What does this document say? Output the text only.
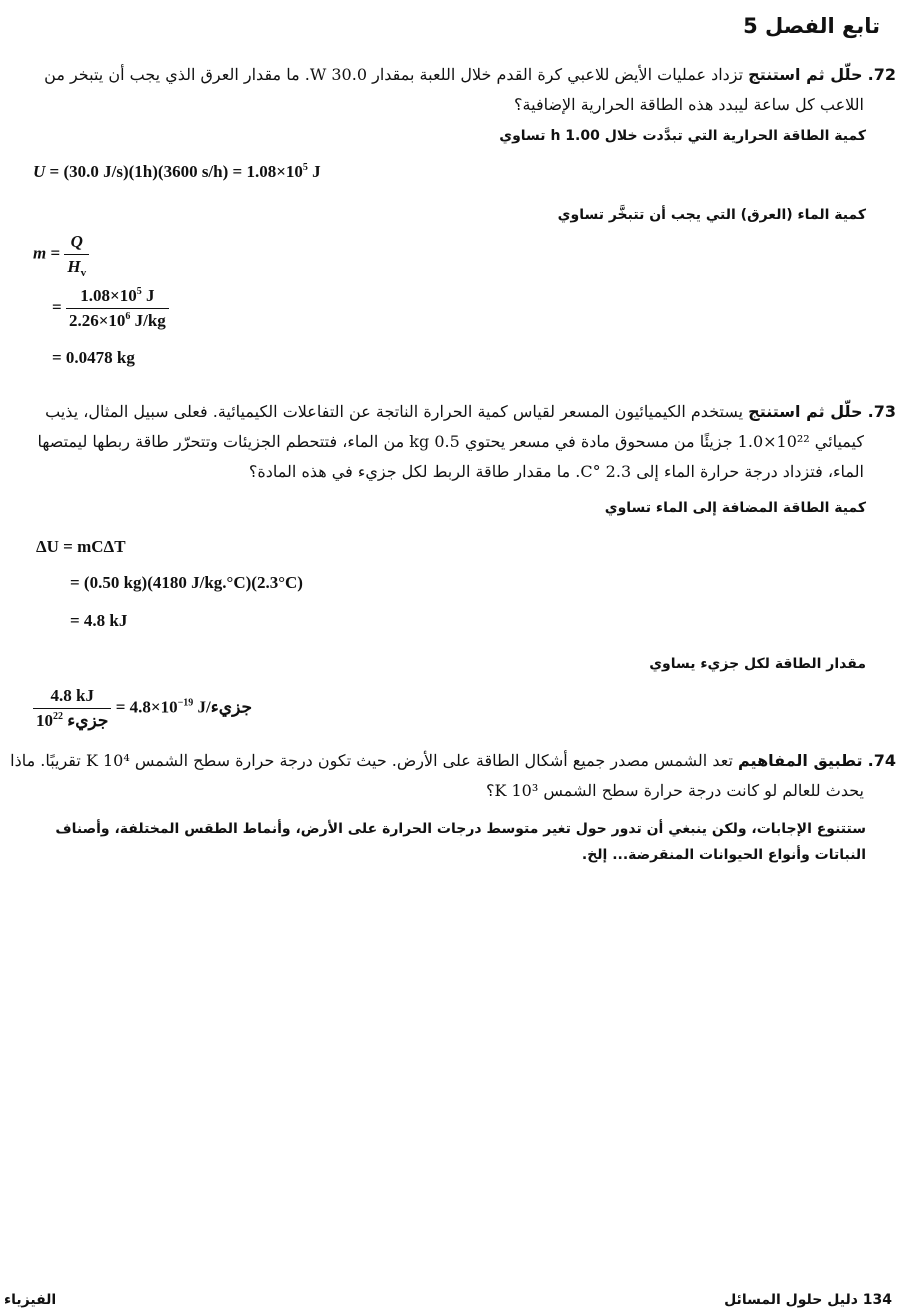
تابع الفصل 5
72. حلّل ثم استنتج تزداد عمليات الأيض للاعبي كرة القدم خلال اللعبة بمقدار 30.0 W. ما مقدار العرق الذي يجب أن يتبخر من
اللاعب كل ساعة ليبدد هذه الطاقة الحرارية الإضافية؟
كمية الطاقة الحرارية التي تبدَّدت خلال 1.00 h تساوي
U = (30.0 J/s)(1h)(3600 $s/h) = 1.08\times 10^5$ J
كمية الماء (العرق) التي يجب أن تتبخَّر تساوي
$m = \frac{Q}{H_v}$
= $\frac{1.08\times 10^5 J}{2.26\times 10^6 J/kg}$
= 0.0478 kg
73. حلّل ثم استنتج يستخدم الكيميائيون المسعر لقياس كمية الحرارة الناتجة عن التفاعلات الكيميائية. فعلى سبيل المثال، يذيب
كيميائي 10²²×1.0 جزيئًا من مسحوق مادة في مسعر يحتوي 0.5 kg من الماء، فتتحطم الجزيئات وتتحرّر طاقة ربطها ليمتصها
الماء، فتزداد درجة حرارة الماء إلى 2.3 °C. ما مقدار طاقة الربط لكل جزيء في هذه المادة؟
كمية الطاقة المضافة إلى الماء تساوي
ΔU = mCΔT
= (0.50 kg)(4180 J/kg.°C)(2.3°C)
= 4.8 kJ
مقدار الطاقة لكل جزيء يساوي
$\frac{4.8 kJ}{10^{22} جزيء} = 4.8\times 10^{-19}$ J/جزيء
74. تطبيق المفاهيم تعد الشمس مصدر جميع أشكال الطاقة على الأرض. حيث تكون درجة حرارة سطح الشمس 10⁴ K تقريبًا. ماذا
يحدث للعالم لو كانت درجة حرارة سطح الشمس 10³ K؟
ستتنوع الإجابات، ولكن ينبغي أن تدور حول تغير متوسط درجات الحرارة على الأرض، وأنماط الطقس المختلفة، وأصناف النباتات وأنواع الحيوانات المنقرضة... إلخ.
134 دليل حلول المسائل
الفيزياء
